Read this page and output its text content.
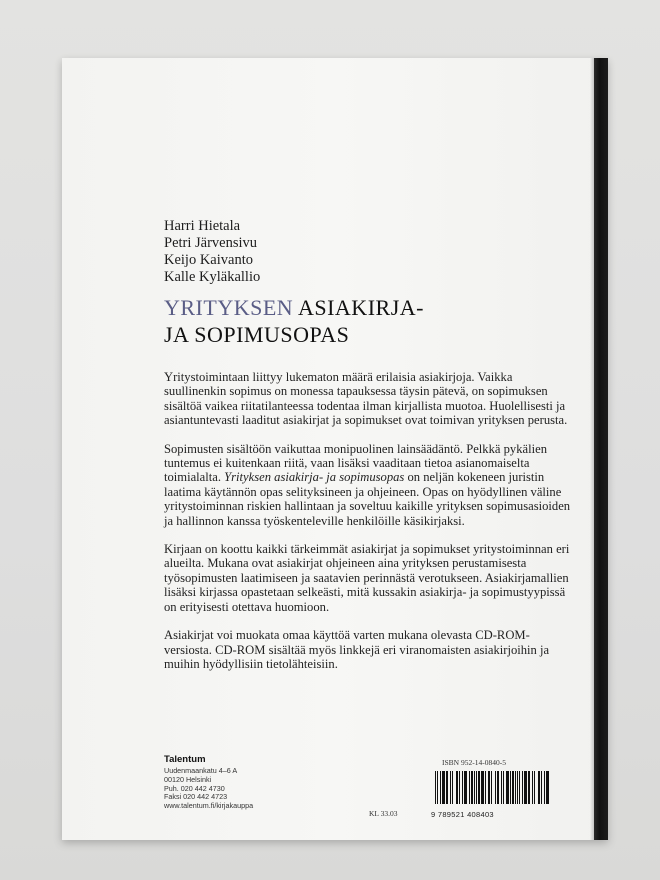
Harri Hietala
Petri Järvensivu
Keijo Kaivanto
Kalle Kyläkallio
YRITYKSEN ASIAKIRJA-
JA SOPIMUSOPAS

Yritystoimintaan liittyy lukematon määrä erilaisia asiakirjoja. Vaikka suullinenkin sopimus on monessa tapauksessa täysin pätevä, on sopimuksen sisältöä vaikea riitatilanteessa todentaa ilman kirjallista muotoa. Huolellisesti ja asiantuntevasti laaditut asiakirjat ja sopimukset ovat toimivan yrityksen perusta.

Sopimusten sisältöön vaikuttaa monipuolinen lainsäädäntö. Pelkkä pykälien tuntemus ei kuitenkaan riitä, vaan lisäksi vaaditaan tietoa asianomaiselta toimialalta. Yrityksen asiakirja- ja sopimusopas on neljän kokeneen juristin laatima käytännön opas selityksineen ja ohjeineen. Opas on hyödyllinen väline yritystoiminnan riskien hallintaan ja soveltuu kaikille yrityksen sopimusasioiden ja hallinnon kanssa työskenteleville henkilöille käsikirjaksi.

Kirjaan on koottu kaikki tärkeimmät asiakirjat ja sopimukset yritystoiminnan eri alueilta. Mukana ovat asiakirjat ohjeineen aina yrityksen perustamisesta työsopimusten laatimiseen ja saatavien perinnästä verotukseen. Asiakirjamallien lisäksi kirjassa opastetaan selkeästi, mitä kussakin asiakirja- ja sopimustyypissä on erityisesti otettava huomioon.

Asiakirjat voi muokata omaa käyttöä varten mukana olevasta CD-ROM-versiosta. CD-ROM sisältää myös linkkejä eri viranomaisten asiakirjoihin ja muihin hyödyllisiin tietolähteisiin.

Talentum
Uudenmaankatu 4–6 A
00120 Helsinki
Puh. 020 442 4730
Faksi 020 442 4723
www.talentum.fi/kirjakauppa
ISBN 952-14-0840-5
KL 33.03	9 789521 408403
